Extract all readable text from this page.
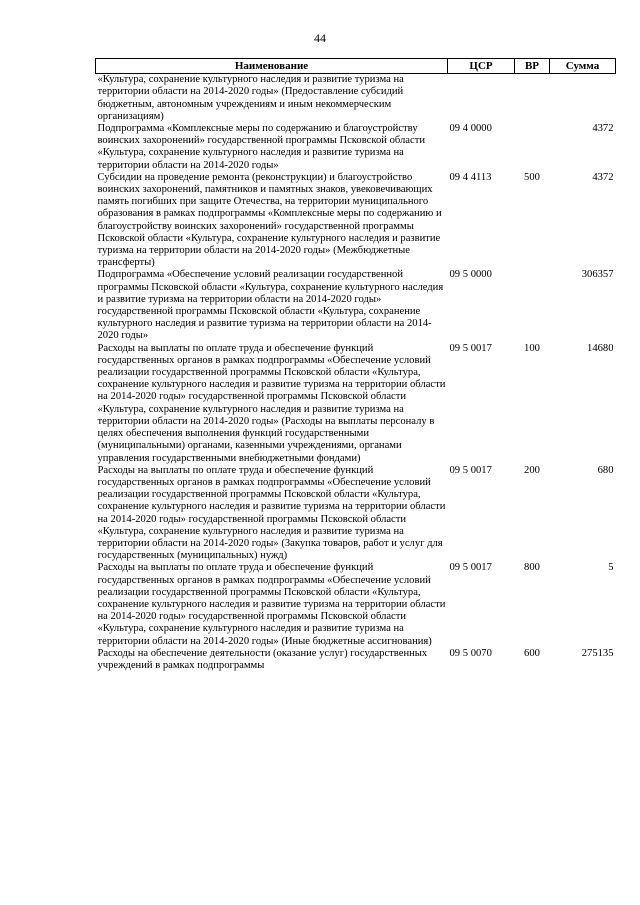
44
Наименование	ЦСР	ВР	Сумма
«Культура, сохранение культурного наследия и развитие туризма на территории области на 2014-2020 годы» (Предоставление субсидий бюджетным, автономным учреждениям и иным некоммерческим организациям)			
Подпрограмма «Комплексные меры по содержанию и благоустройству воинских захоронений» государственной программы Псковской области «Культура, сохранение культурного наследия и развитие туризма на территории области на 2014-2020 годы»	09 4 0000		4372
Субсидии на проведение ремонта (реконструкции) и благоустройство воинских захоронений, памятников и памятных знаков, увековечивающих память погибших при защите Отечества, на территории муниципального образования в рамках подпрограммы «Комплексные меры по содержанию и благоустройству воинских захоронений» государственной программы Псковской области «Культура, сохранение культурного наследия и развитие туризма на территории области на 2014-2020 годы» (Межбюджетные трансферты)	09 4 4113	500	4372
Подпрограмма «Обеспечение условий реализации государственной программы Псковской области «Культура, сохранение культурного наследия и развитие туризма на территории области на 2014-2020 годы» государственной программы Псковской области «Культура, сохранение культурного наследия и развитие туризма на территории области на 2014-2020 годы»	09 5 0000		306357
Расходы на выплаты по оплате труда и обеспечение функций государственных органов в рамках подпрограммы «Обеспечение условий реализации государственной программы Псковской области «Культура, сохранение культурного наследия и развитие туризма на территории области на 2014-2020 годы» государственной программы Псковской области «Культура, сохранение культурного наследия и развитие туризма на территории области на 2014-2020 годы» (Расходы на выплаты персоналу в целях обеспечения выполнения функций государственными (муниципальными) органами, казенными учреждениями, органами управления государственными внебюджетными фондами)	09 5 0017	100	14680
Расходы на выплаты по оплате труда и обеспечение функций государственных органов в рамках подпрограммы «Обеспечение условий реализации государственной программы Псковской области «Культура, сохранение культурного наследия и развитие туризма на территории области на 2014-2020 годы» государственной программы Псковской области «Культура, сохранение культурного наследия и развитие туризма на территории области на 2014-2020 годы» (Закупка товаров, работ и услуг для государственных (муниципальных) нужд)	09 5 0017	200	680
Расходы на выплаты по оплате труда и обеспечение функций государственных органов в рамках подпрограммы «Обеспечение условий реализации государственной программы Псковской области «Культура, сохранение культурного наследия и развитие туризма на территории области на 2014-2020 годы» государственной программы Псковской области «Культура, сохранение культурного наследия и развитие туризма на территории области на 2014-2020 годы» (Иные бюджетные ассигнования)	09 5 0017	800	5
Расходы на обеспечение деятельности (оказание услуг) государственных учреждений в рамках подпрограммы	09 5 0070	600	275135
